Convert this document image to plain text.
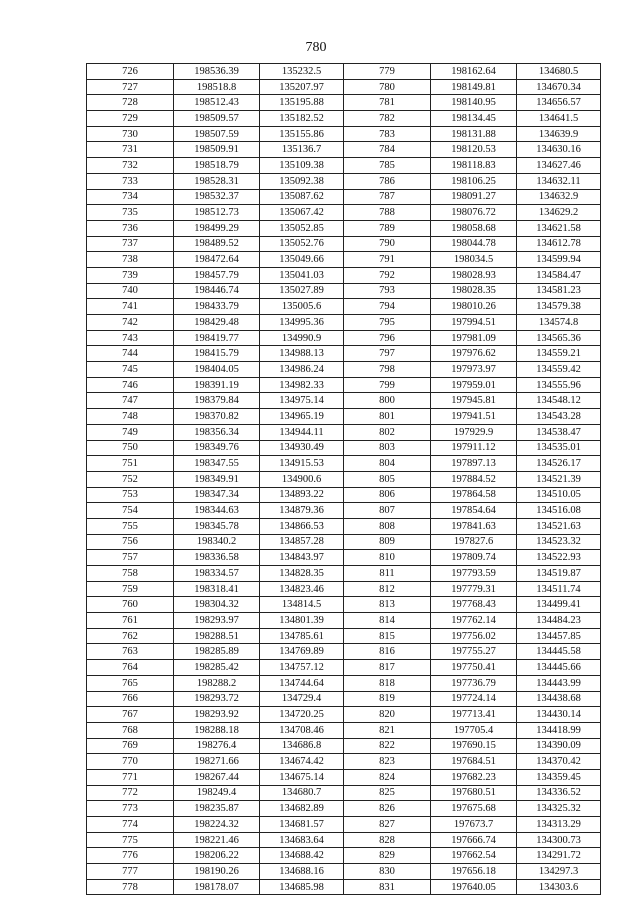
780
726	198536.39	135232.5	779	198162.64	134680.5
727	198518.8	135207.97	780	198149.81	134670.34
728	198512.43	135195.88	781	198140.95	134656.57
729	198509.57	135182.52	782	198134.45	134641.5
730	198507.59	135155.86	783	198131.88	134639.9
731	198509.91	135136.7	784	198120.53	134630.16
732	198518.79	135109.38	785	198118.83	134627.46
733	198528.31	135092.38	786	198106.25	134632.11
734	198532.37	135087.62	787	198091.27	134632.9
735	198512.73	135067.42	788	198076.72	134629.2
736	198499.29	135052.85	789	198058.68	134621.58
737	198489.52	135052.76	790	198044.78	134612.78
738	198472.64	135049.66	791	198034.5	134599.94
739	198457.79	135041.03	792	198028.93	134584.47
740	198446.74	135027.89	793	198028.35	134581.23
741	198433.79	135005.6	794	198010.26	134579.38
742	198429.48	134995.36	795	197994.51	134574.8
743	198419.77	134990.9	796	197981.09	134565.36
744	198415.79	134988.13	797	197976.62	134559.21
745	198404.05	134986.24	798	197973.97	134559.42
746	198391.19	134982.33	799	197959.01	134555.96
747	198379.84	134975.14	800	197945.81	134548.12
748	198370.82	134965.19	801	197941.51	134543.28
749	198356.34	134944.11	802	197929.9	134538.47
750	198349.76	134930.49	803	197911.12	134535.01
751	198347.55	134915.53	804	197897.13	134526.17
752	198349.91	134900.6	805	197884.52	134521.39
753	198347.34	134893.22	806	197864.58	134510.05
754	198344.63	134879.36	807	197854.64	134516.08
755	198345.78	134866.53	808	197841.63	134521.63
756	198340.2	134857.28	809	197827.6	134523.32
757	198336.58	134843.97	810	197809.74	134522.93
758	198334.57	134828.35	811	197793.59	134519.87
759	198318.41	134823.46	812	197779.31	134511.74
760	198304.32	134814.5	813	197768.43	134499.41
761	198293.97	134801.39	814	197762.14	134484.23
762	198288.51	134785.61	815	197756.02	134457.85
763	198285.89	134769.89	816	197755.27	134445.58
764	198285.42	134757.12	817	197750.41	134445.66
765	198288.2	134744.64	818	197736.79	134443.99
766	198293.72	134729.4	819	197724.14	134438.68
767	198293.92	134720.25	820	197713.41	134430.14
768	198288.18	134708.46	821	197705.4	134418.99
769	198276.4	134686.8	822	197690.15	134390.09
770	198271.66	134674.42	823	197684.51	134370.42
771	198267.44	134675.14	824	197682.23	134359.45
772	198249.4	134680.7	825	197680.51	134336.52
773	198235.87	134682.89	826	197675.68	134325.32
774	198224.32	134681.57	827	197673.7	134313.29
775	198221.46	134683.64	828	197666.74	134300.73
776	198206.22	134688.42	829	197662.54	134291.72
777	198190.26	134688.16	830	197656.18	134297.3
778	198178.07	134685.98	831	197640.05	134303.6
